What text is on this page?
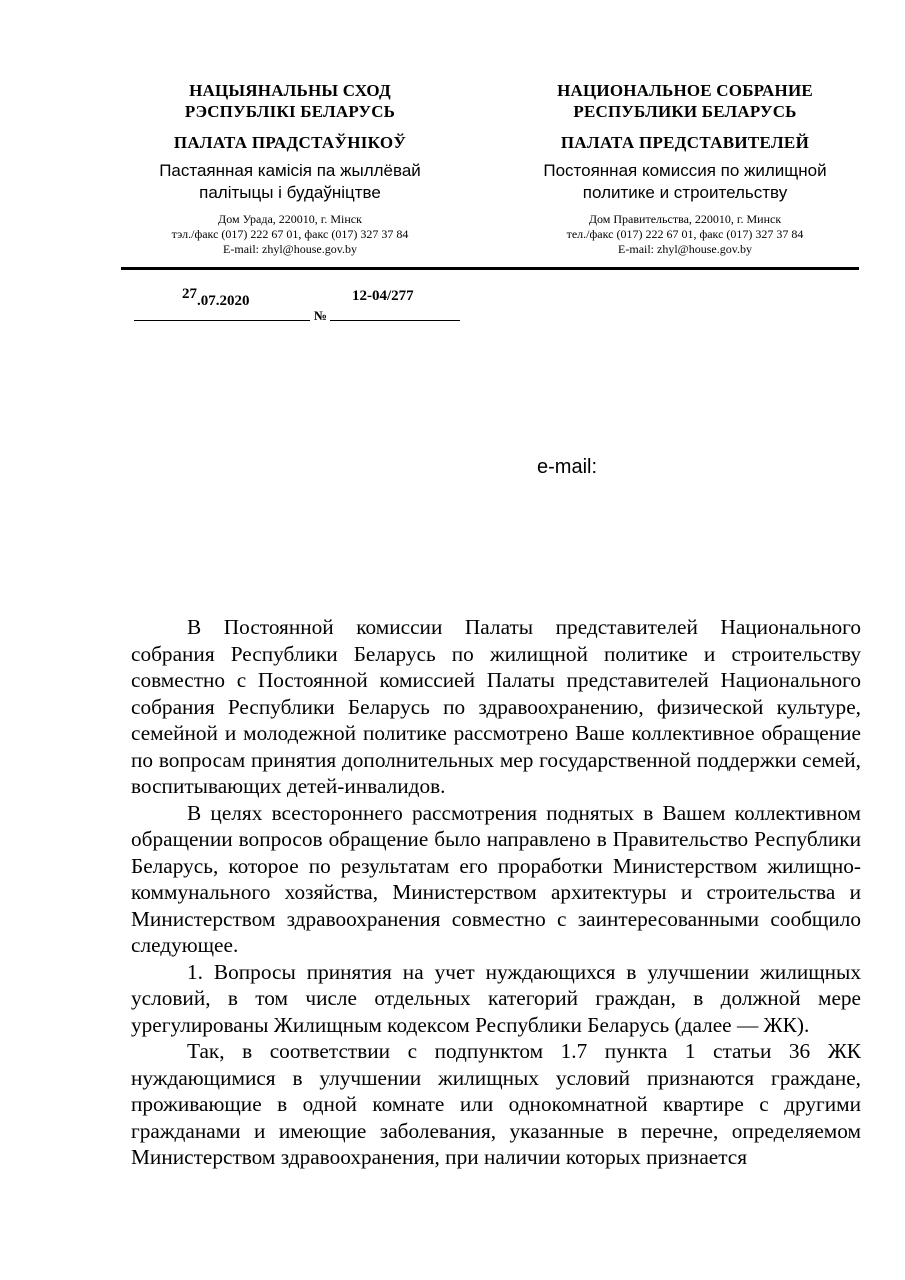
НАЦЫЯНАЛЬНЫ СХОД
РЭСПУБЛІКІ БЕЛАРУСЬ
ПАЛАТА ПРАДСТАЎНІКОЎ
Пастаянная камісія па жыллёвай
палітыцы і будаўніцтве
Дом Урада, 220010, г. Мінск
тэл./факс (017) 222 67 01, факс (017) 327 37 84
E-mail: zhyl@house.gov.by
НАЦИОНАЛЬНОЕ СОБРАНИЕ
РЕСПУБЛИКИ БЕЛАРУСЬ
ПАЛАТА ПРЕДСТАВИТЕЛЕЙ
Постоянная комиссия по жилищной
политике и строительству
Дом Правительства, 220010, г. Минск
тел./факс (017) 222 67 01, факс (017) 327 37 84
E-mail: zhyl@house.gov.by
27.07.2020
№
12-04/277
e-mail:

В Постоянной комиссии Палаты представителей Национального собрания Республики Беларусь по жилищной политике и строительству совместно с Постоянной комиссией Палаты представителей Национального собрания Республики Беларусь по здравоохранению, физической культуре, семейной и молодежной политике рассмотрено Ваше коллективное обращение по вопросам принятия дополнительных мер государственной поддержки семей, воспитывающих детей-инвалидов.

В целях всестороннего рассмотрения поднятых в Вашем коллективном обращении вопросов обращение было направлено в Правительство Республики Беларусь, которое по результатам его проработки Министерством жилищно-коммунального хозяйства, Министерством архитектуры и строительства и Министерством здравоохранения совместно с заинтересованными сообщило следующее.

1. Вопросы принятия на учет нуждающихся в улучшении жилищных условий, в том числе отдельных категорий граждан, в должной мере урегулированы Жилищным кодексом Республики Беларусь (далее — ЖК).

Так, в соответствии с подпунктом 1.7 пункта 1 статьи 36 ЖК нуждающимися в улучшении жилищных условий признаются граждане, проживающие в одной комнате или однокомнатной квартире с другими гражданами и имеющие заболевания, указанные в перечне, определяемом Министерством здравоохранения, при наличии которых признается
